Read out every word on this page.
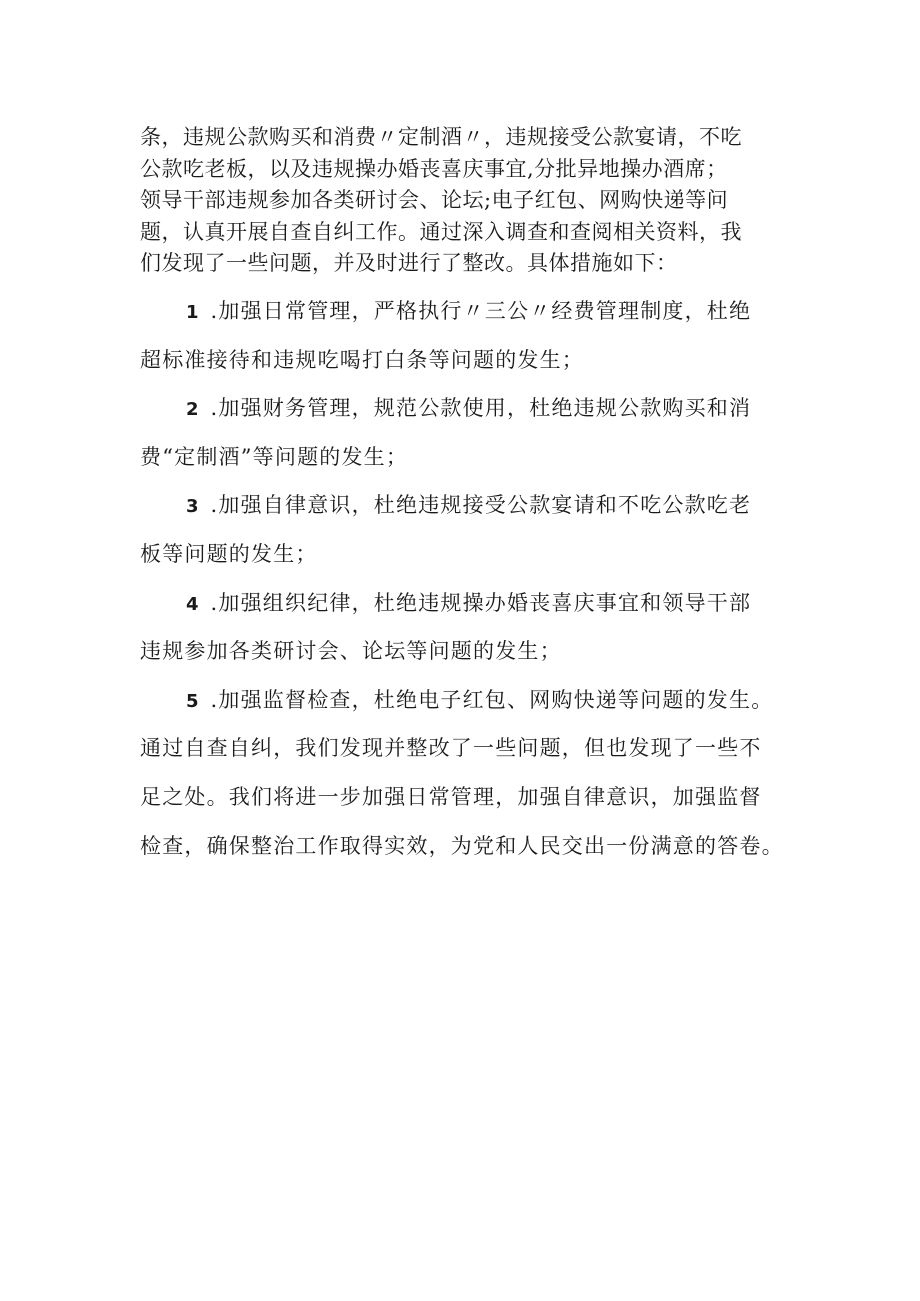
条，违规公款购买和消费〃定制酒〃，违规接受公款宴请，不吃
公款吃老板，以及违规操办婚丧喜庆事宜,分批异地操办酒席；
领导干部违规参加各类研讨会、论坛;电子红包、网购快递等问
题，认真开展自查自纠工作。通过深入调查和查阅相关资料，我
们发现了一些问题，并及时进行了整改。具体措施如下：
1 .加强日常管理，严格执行〃三公〃经费管理制度，杜绝
超标准接待和违规吃喝打白条等问题的发生；
2 .加强财务管理，规范公款使用，杜绝违规公款购买和消
费“定制酒”等问题的发生；
3 .加强自律意识，杜绝违规接受公款宴请和不吃公款吃老
板等问题的发生；
4 .加强组织纪律，杜绝违规操办婚丧喜庆事宜和领导干部
违规参加各类研讨会、论坛等问题的发生；
5 .加强监督检查，杜绝电子红包、网购快递等问题的发生。
通过自查自纠，我们发现并整改了一些问题，但也发现了一些不
足之处。我们将进一步加强日常管理，加强自律意识，加强监督
检查，确保整治工作取得实效，为党和人民交出一份满意的答卷。
